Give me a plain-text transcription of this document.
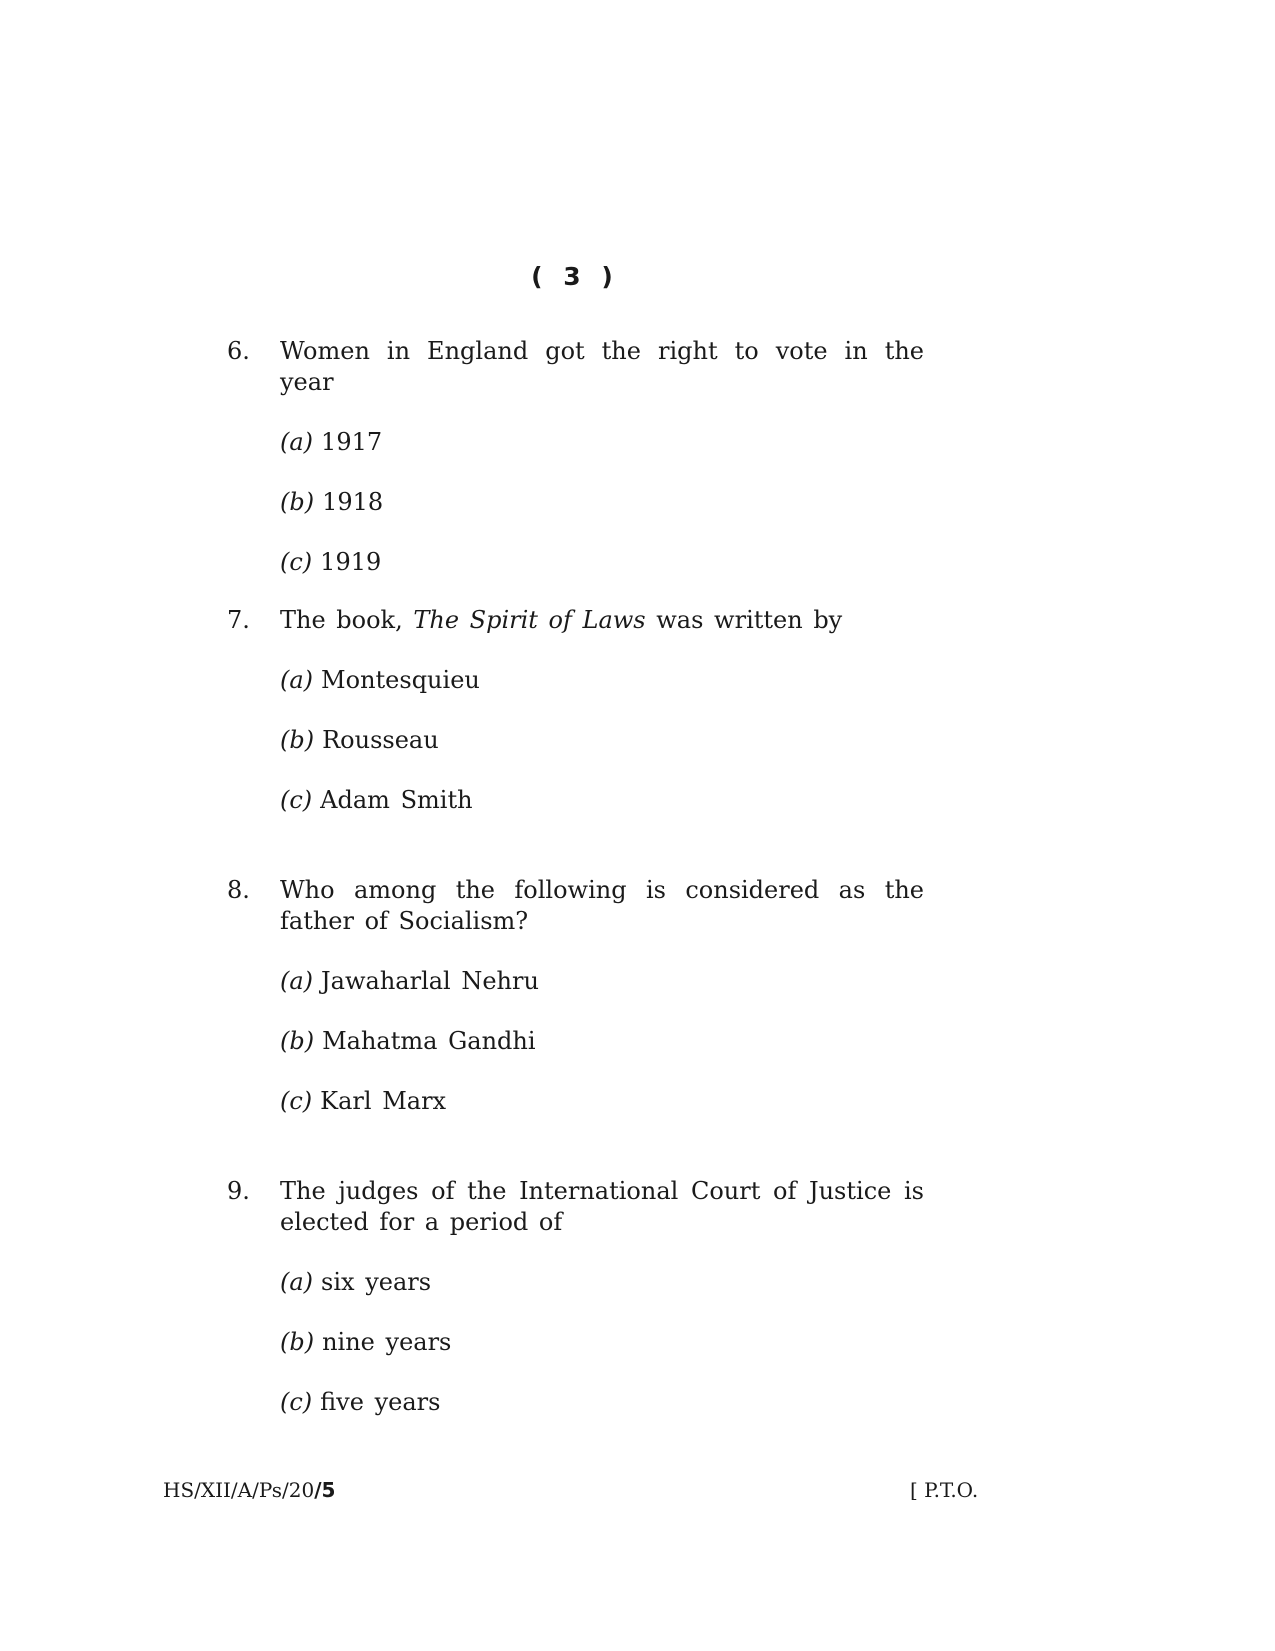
( 3 )
6. Women in England got the right to vote in the year
(a) 1917
(b) 1918
(c) 1919
7. The book, The Spirit of Laws was written by
(a) Montesquieu
(b) Rousseau
(c) Adam Smith
8. Who among the following is considered as the father of Socialism?
(a) Jawaharlal Nehru
(b) Mahatma Gandhi
(c) Karl Marx
9. The judges of the International Court of Justice is elected for a period of
(a) six years
(b) nine years
(c) five years
HS/XII/A/Ps/20/5	[ P.T.O.
